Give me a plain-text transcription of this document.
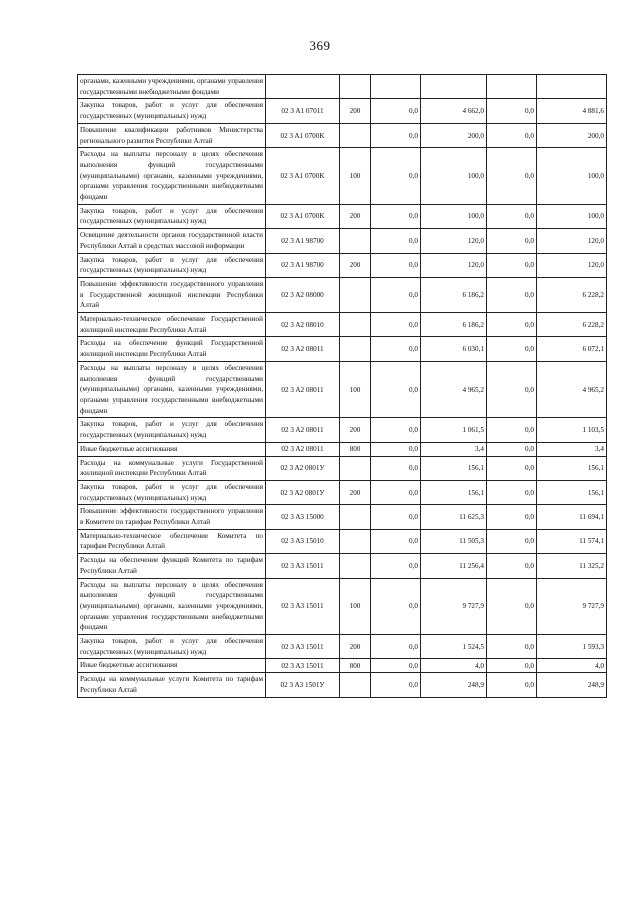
369
органами, казенными учреждениями, органами управления государственными внебюджетными фондами						
Закупка товаров, работ и услуг для обеспечения государственных (муниципальных) нужд	02 3 A1 07011	200	0,0	4 662,0	0,0	4 881,6
Повышение квалификации работников Министерства регионального развития Республики Алтай	02 3 A1 0700K		0,0	200,0	0,0	200,0
Расходы на выплаты персоналу в целях обеспечения выполнения функций государственными (муниципальными) органами, казенными учреждениями, органами управления государственными внебюджетными фондами	02 3 A1 0700K	100	0,0	100,0	0,0	100,0
Закупка товаров, работ и услуг для обеспечения государственных (муниципальных) нужд	02 3 A1 0700K	200	0,0	100,0	0,0	100,0
Освещение деятельности органов государственной власти Республики Алтай в средствах массовой информации	02 3 A1 98700		0,0	120,0	0,0	120,0
Закупка товаров, работ и услуг для обеспечения государственных (муниципальных) нужд	02 3 A1 98700	200	0,0	120,0	0,0	120,0
Повышение эффективности государственного управления в Государственной жилищной инспекции Республики Алтай	02 3 A2 08000		0,0	6 186,2	0,0	6 228,2
Материально-техническое обеспечение Государственной жилищной инспекции Республики Алтай	02 3 A2 08010		0,0	6 186,2	0,0	6 228,2
Расходы на обеспечение функций Государственной жилищной инспекции Республики Алтай	02 3 A2 08011		0,0	6 030,1	0,0	6 072,1
Расходы на выплаты персоналу в целях обеспечения выполнения функций государственными (муниципальными) органами, казенными учреждениями, органами управления государственными внебюджетными фондами	02 3 A2 08011	100	0,0	4 965,2	0,0	4 965,2
Закупка товаров, работ и услуг для обеспечения государственных (муниципальных) нужд	02 3 A2 08011	200	0,0	1 061,5	0,0	1 103,5
Иные бюджетные ассигнования	02 3 A2 08011	800	0,0	3,4	0,0	3,4
Расходы на коммунальные услуги Государственной жилищной инспекции Республики Алтай	02 3 A2 0801У		0,0	156,1	0,0	156,1
Закупка товаров, работ и услуг для обеспечения государственных (муниципальных) нужд	02 3 A2 0801У	200	0,0	156,1	0,0	156,1
Повышение эффективности государственного управления в Комитете по тарифам Республики Алтай	02 3 A3 15000		0,0	11 625,3	0,0	11 694,1
Материально-техническое обеспечение Комитета по тарифам Республики Алтай	02 3 A3 15010		0,0	11 505,3	0,0	11 574,1
Расходы на обеспечение функций Комитета по тарифам Республики Алтай	02 3 A3 15011		0,0	11 256,4	0,0	11 325,2
Расходы на выплаты персоналу в целях обеспечения выполнения функций государственными (муниципальными) органами, казенными учреждениями, органами управления государственными внебюджетными фондами	02 3 A3 15011	100	0,0	9 727,9	0,0	9 727,9
Закупка товаров, работ и услуг для обеспечения государственных (муниципальных) нужд	02 3 A3 15011	200	0,0	1 524,5	0,0	1 593,3
Иные бюджетные ассигнования	02 3 A3 15011	800	0,0	4,0	0,0	4,0
Расходы на коммунальные услуги Комитета по тарифам Республики Алтай	02 3 A3 1501У		0,0	248,9	0,0	248,9
